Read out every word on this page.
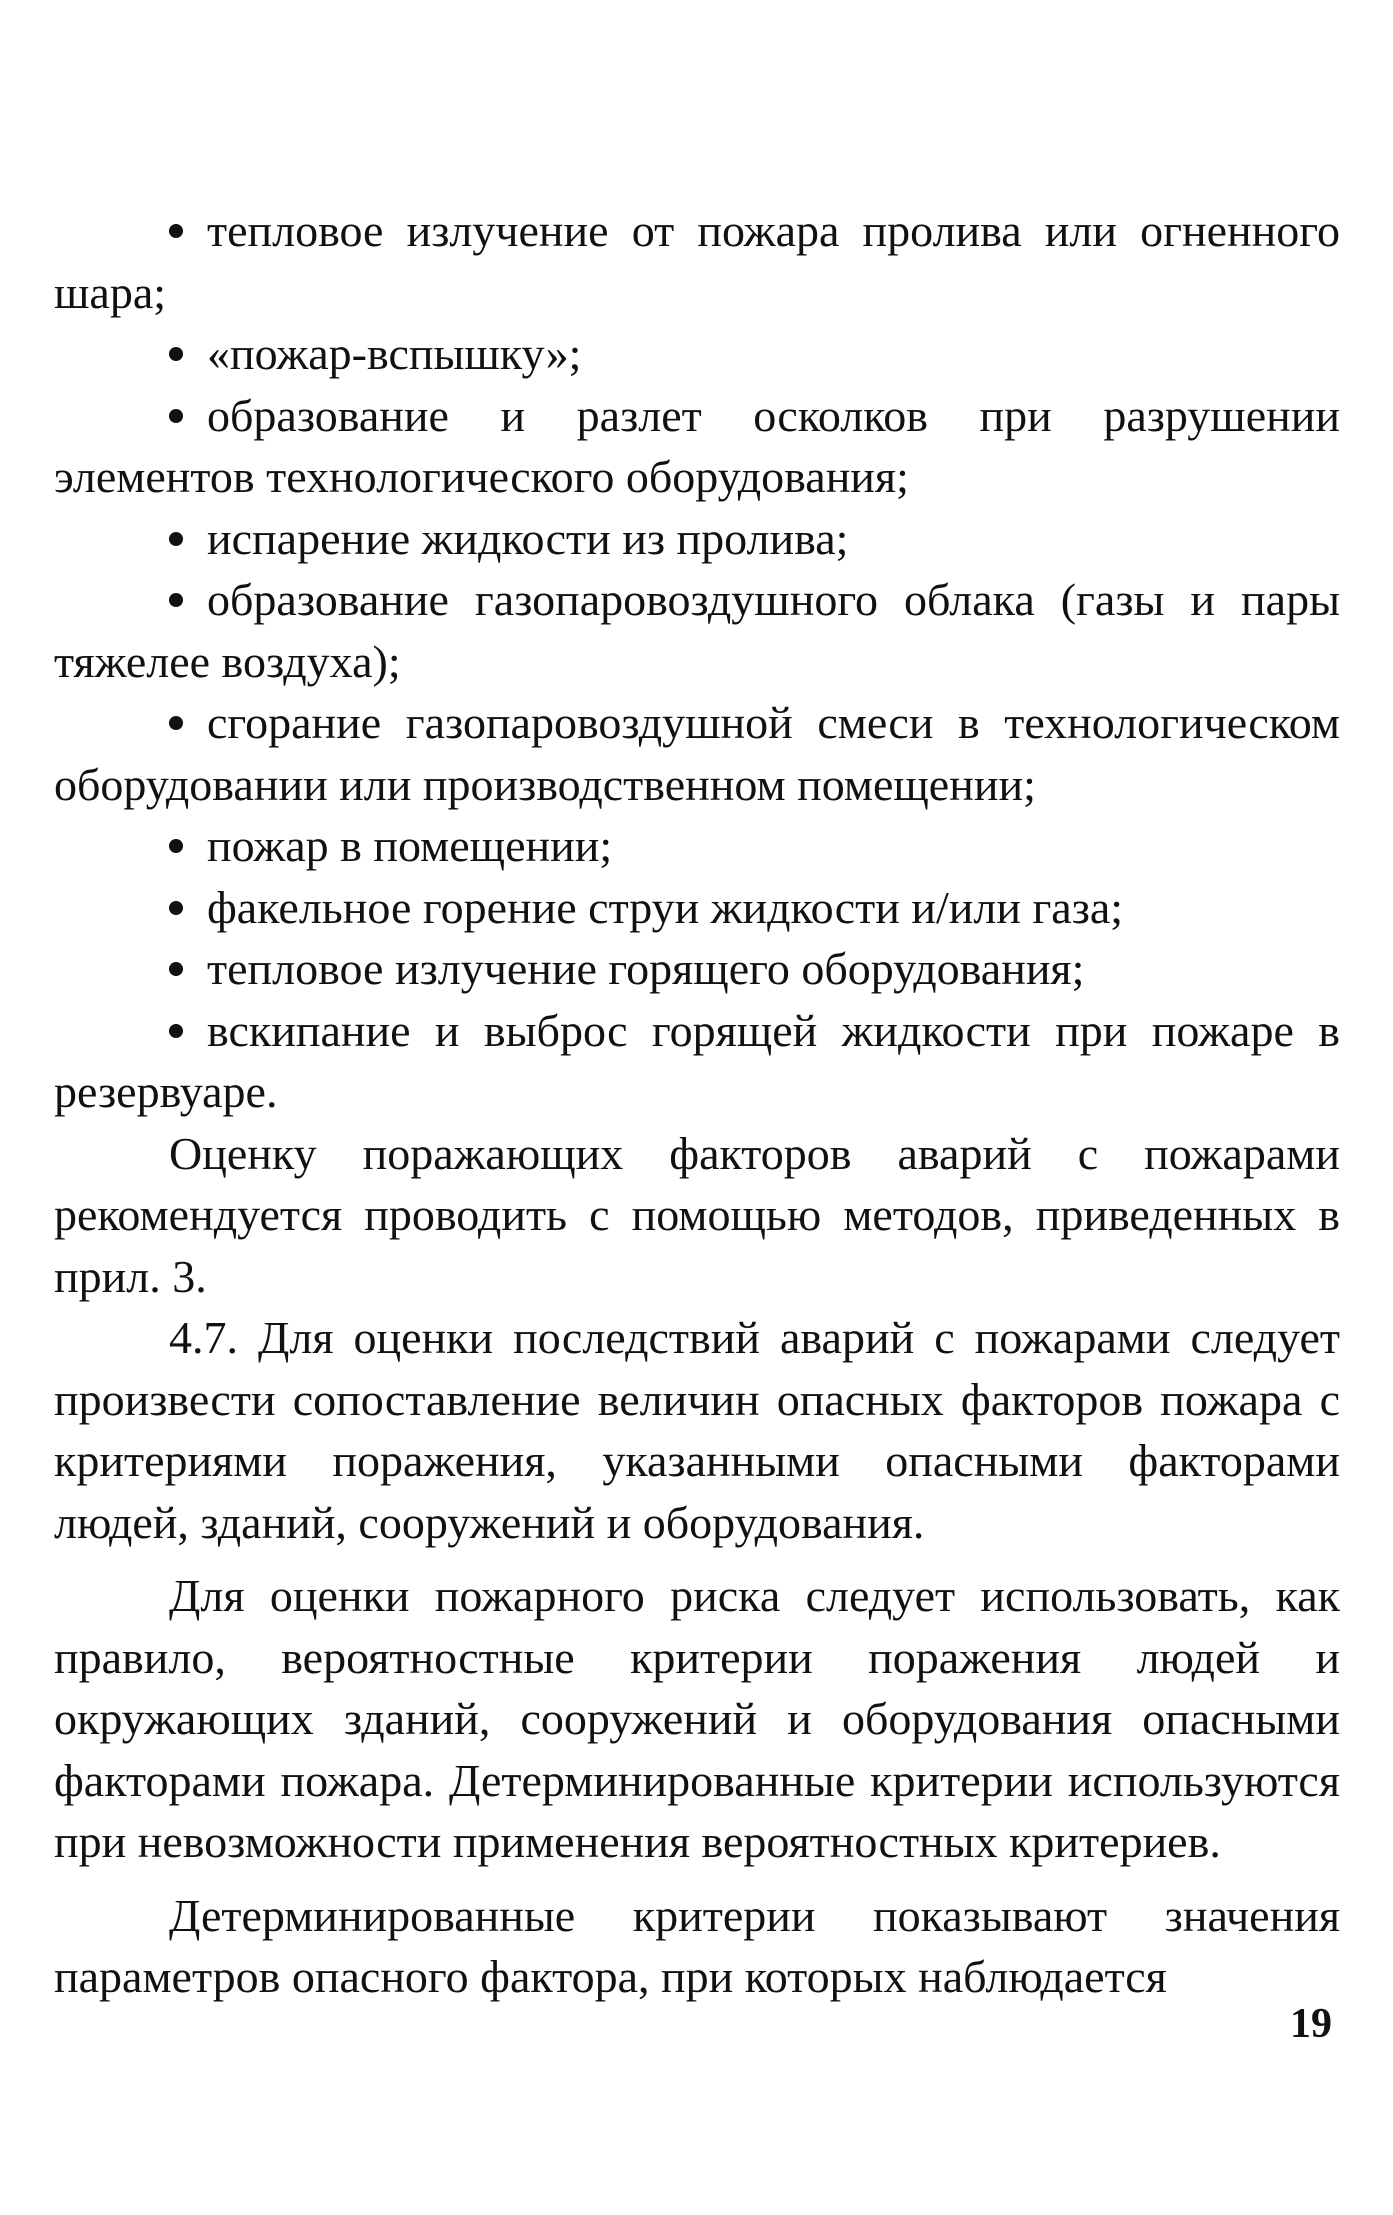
тепловое излучение от пожара пролива или огненного шара;

«пожар-вспышку»;

образование и разлет осколков при разрушении элементов технологического оборудования;

испарение жидкости из пролива;

образование газопаровоздушного облака (газы и пары тяжелее воздуха);

сгорание газопаровоздушной смеси в технологическом оборудовании или производственном помещении;

пожар в помещении;

факельное горение струи жидкости и/или газа;

тепловое излучение горящего оборудования;

вскипание и выброс горящей жидкости при пожаре в резервуаре.

Оценку поражающих факторов аварий с пожарами рекомендуется проводить с помощью методов, приведенных в прил. 3.

4.7. Для оценки последствий аварий с пожарами следует произвести сопоставление величин опасных факторов пожара с критериями поражения, указанными опасными факторами людей, зданий, сооружений и оборудования.

Для оценки пожарного риска следует использовать, как правило, вероятностные критерии поражения людей и окружающих зданий, сооружений и оборудования опасными факторами пожара. Детерминированные критерии используются при невозможности применения вероятностных критериев.

Детерминированные критерии показывают значения параметров опасного фактора, при которых наблюдается

19
